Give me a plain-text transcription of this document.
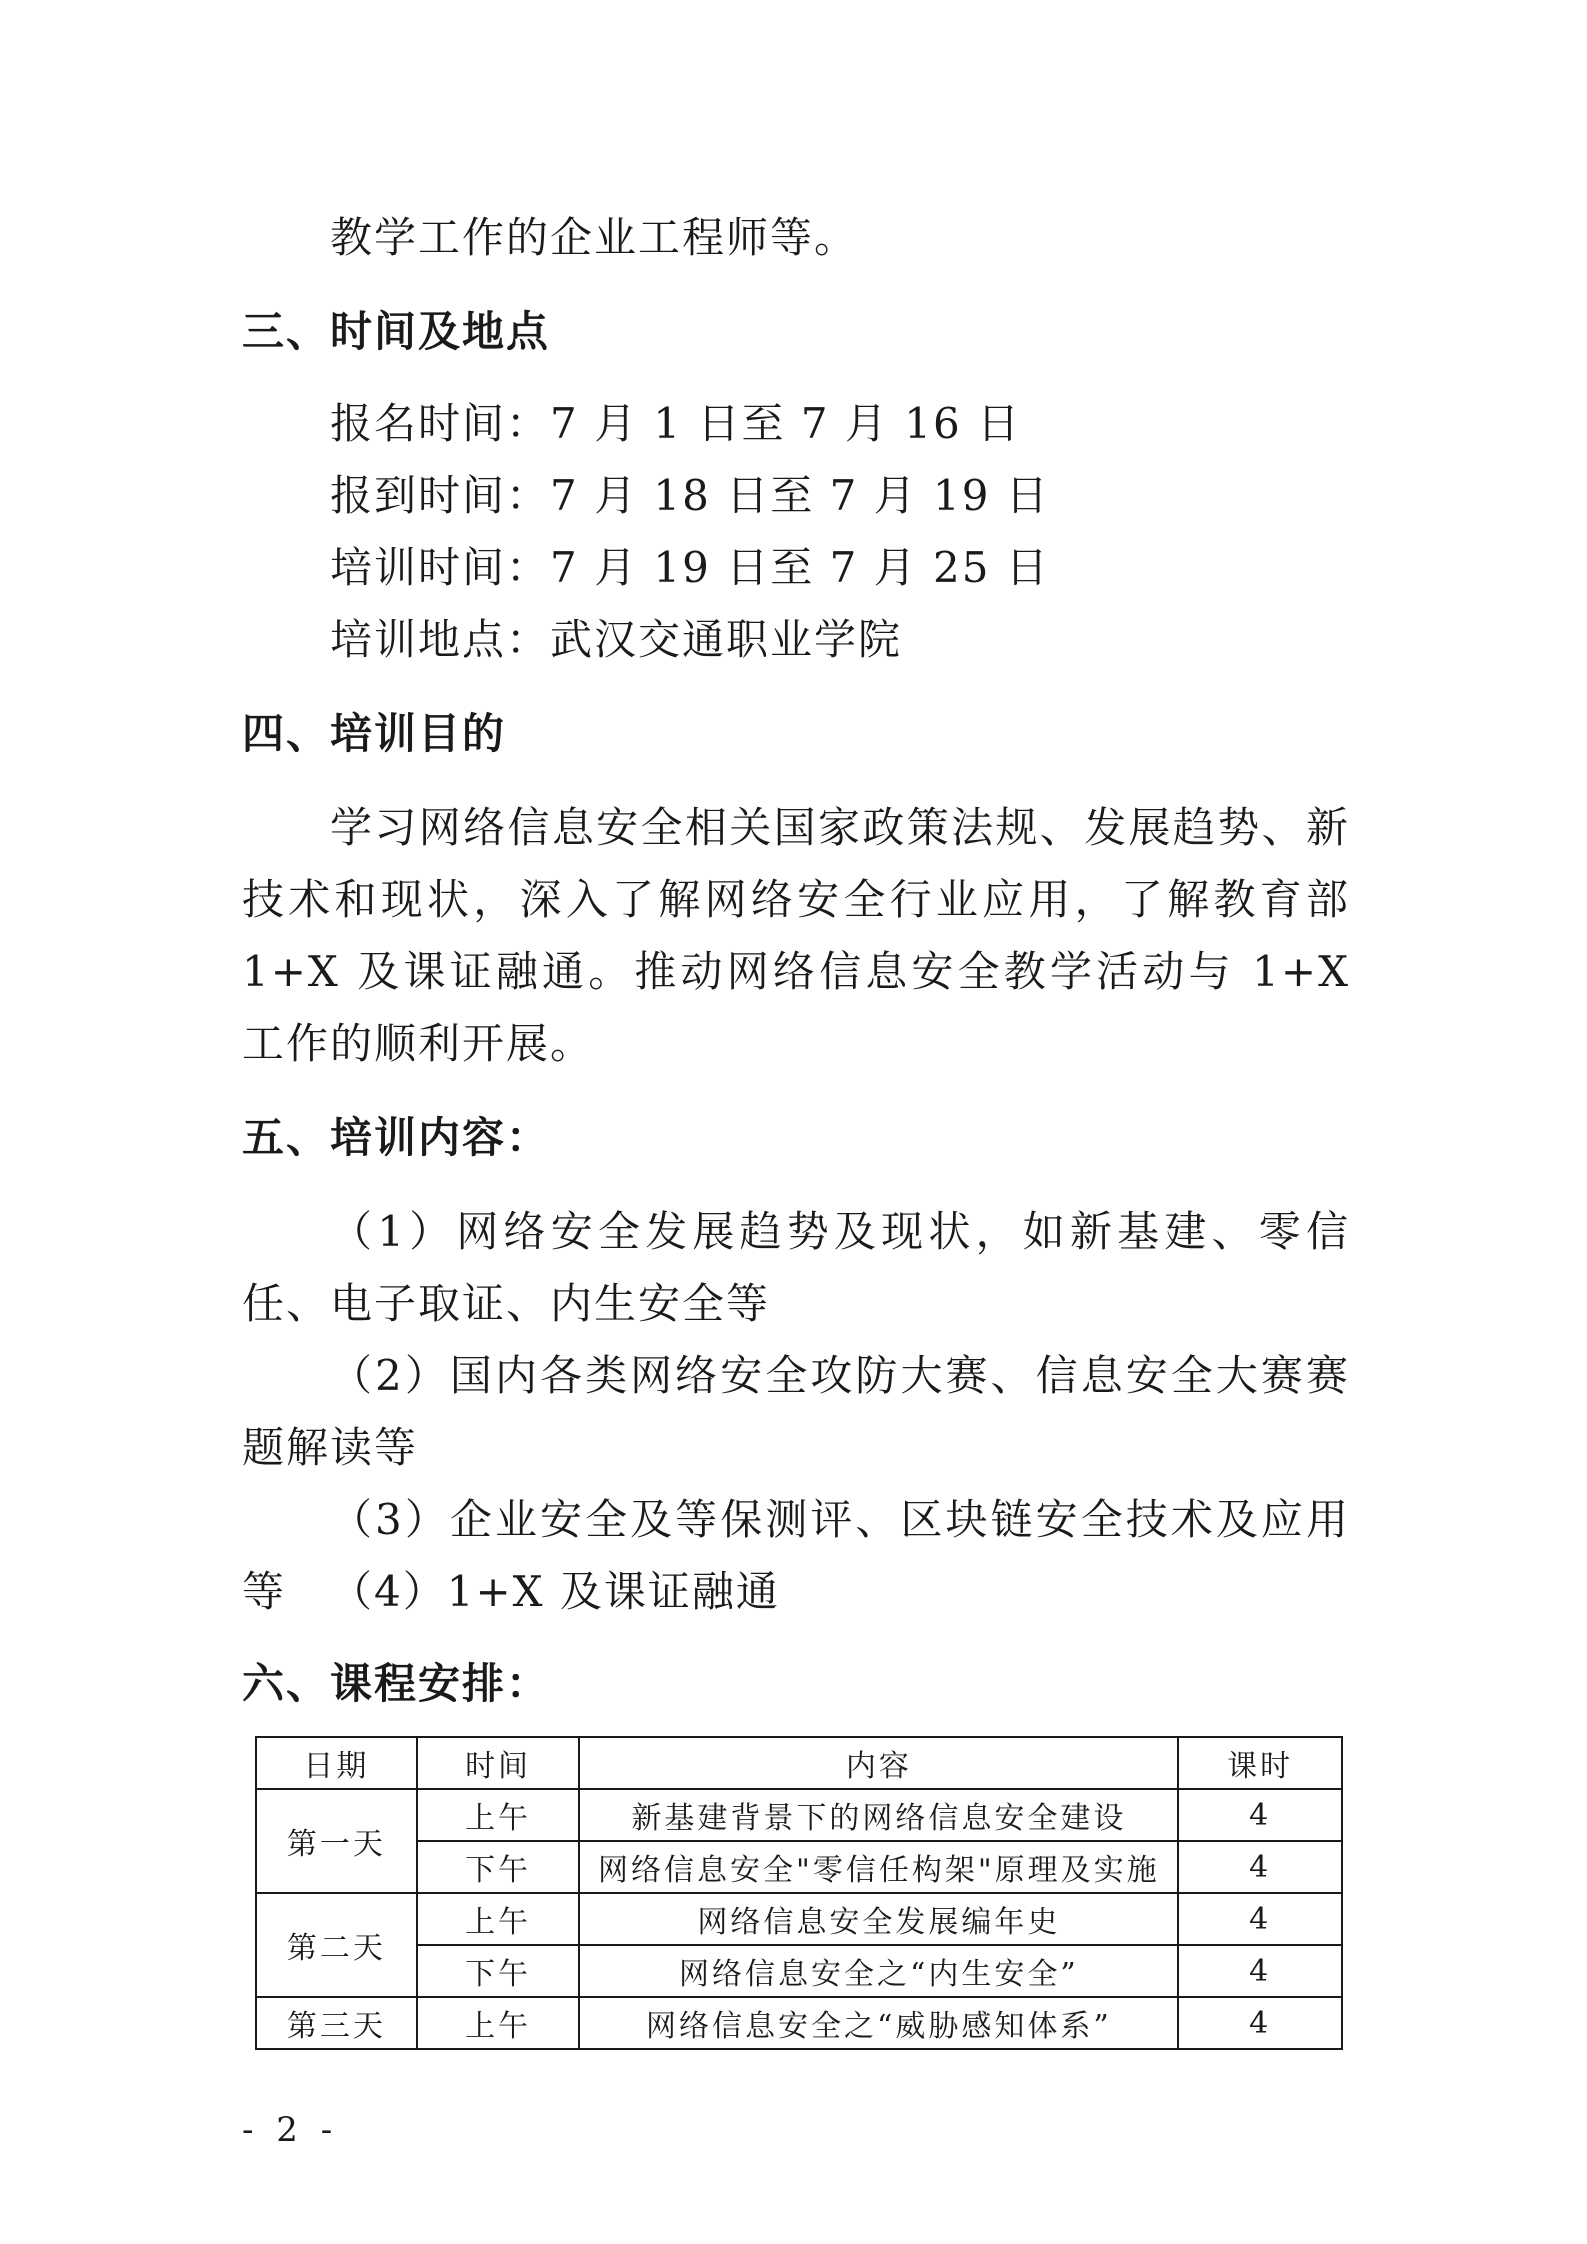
教学工作的企业工程师等。
三、时间及地点
报名时间：7 月 1 日至 7 月 16 日
报到时间：7 月 18 日至 7 月 19 日
培训时间：7 月 19 日至 7 月 25 日
培训地点：武汉交通职业学院
四、培训目的
学习网络信息安全相关国家政策法规、发展趋势、新技术和现状，深入了解网络安全行业应用，了解教育部 1+X 及课证融通。推动网络信息安全教学活动与 1+X 工作的顺利开展。
五、培训内容：
（1）网络安全发展趋势及现状，如新基建、零信任、电子取证、内生安全等
（2）国内各类网络安全攻防大赛、信息安全大赛赛题解读等
（3）企业安全及等保测评、区块链安全技术及应用等	（4）1+X 及课证融通
六、课程安排：
日期	时间	内容	课时
第一天	上午	新基建背景下的网络信息安全建设	4
	下午	网络信息安全"零信任构架"原理及实施	4
第二天	上午	网络信息安全发展编年史	4
	下午	网络信息安全之“内生安全”	4
第三天	上午	网络信息安全之“威胁感知体系”	4
- 2 -
